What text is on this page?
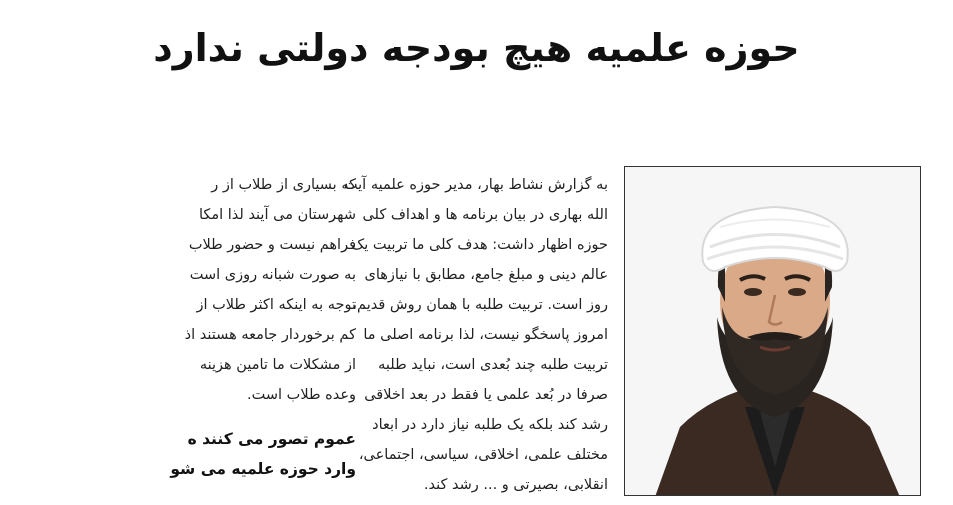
حوزه علمیه هیچ بودجه دولتی ندارد
به گزارش نشاط بهار، مدیر حوزه علمیه آیت
الله بهاری در بیان برنامه ها و اهداف کلی
حوزه اظهار داشت: هدف کلی ما تربیت یک
عالم دینی و مبلغ جامع، مطابق با نیازهای
روز است. تربیت طلبه با همان روش قدیم،
امروز پاسخگو نیست، لذا برنامه اصلی ما
تربیت طلبه چند بُعدی است، نباید طلبه
صرفا در بُعد علمی یا فقط در بعد اخلاقی
رشد کند بلکه یک طلبه نیاز دارد در ابعاد
مختلف علمی، اخلاقی، سیاسی، اجتماعی،
انقلابی، بصیرتی و ... رشد کند.
که بسیاری از طلاب از ر
شهرستان می آیند لذا امکا
فراهم نیست و حضور طلاب
به صورت شبانه روزی است
توجه به اینکه اکثر طلاب از
کم برخوردار جامعه هستند اذ
از مشکلات ما تامین هزینه
وعده طلاب است.
عموم تصور می کنند ه
وارد حوزه علمیه می شو
